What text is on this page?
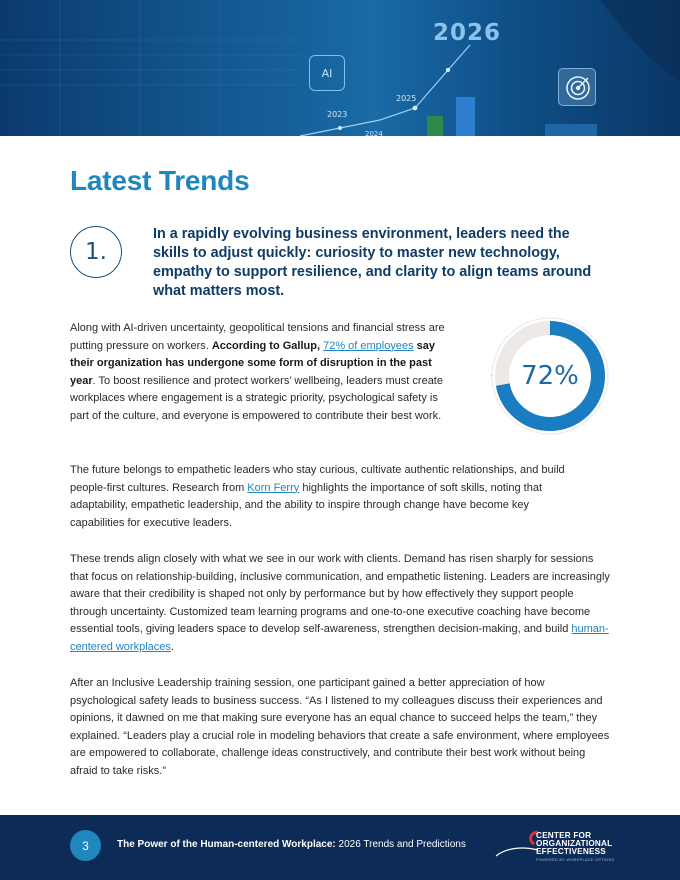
2026
2025
2023
2024
AI
Latest Trends
1.

In a rapidly evolving business environment, leaders need the skills to adjust quickly: curiosity to master new technology, empathy to support resilience, and clarity to align teams around what matters most.

Along with AI-driven uncertainty, geopolitical tensions and financial stress are putting pressure on workers. According to Gallup, 72% of employees say their organization has undergone some form of disruption in the past year. To boost resilience and protect workers’ wellbeing, leaders must create workplaces where engagement is a strategic priority, psychological safety is part of the culture, and everyone is empowered to contribute their best work.

72%

The future belongs to empathetic leaders who stay curious, cultivate authentic relationships, and build people-first cultures. Research from Korn Ferry highlights the importance of soft skills, noting that adaptability, empathetic leadership, and the ability to inspire through change have become key capabilities for executive leaders.

These trends align closely with what we see in our work with clients. Demand has risen sharply for sessions that focus on relationship-building, inclusive communication, and empathetic listening. Leaders are increasingly aware that their credibility is shaped not only by performance but by how effectively they support people through uncertainty. Customized team learning programs and one-to-one executive coaching have become essential tools, giving leaders space to develop self-awareness, strengthen decision-making, and build human-centered workplaces.

After an Inclusive Leadership training session, one participant gained a better appreciation of how psychological safety leads to business success. “As I listened to my colleagues discuss their experiences and opinions, it dawned on me that making sure everyone has an equal chance to succeed helps the team,” they explained. “Leaders play a crucial role in modeling behaviors that create a safe environment, where employees are empowered to collaborate, challenge ideas constructively, and contribute their best work without being afraid to take risks.”

3	The Power of the Human-centered Workplace: 2026 Trends and Predictions
CENTER FOR
ORGANIZATIONAL
EFFECTIVENESS
POWERED BY WORKPLACE OPTIONS
